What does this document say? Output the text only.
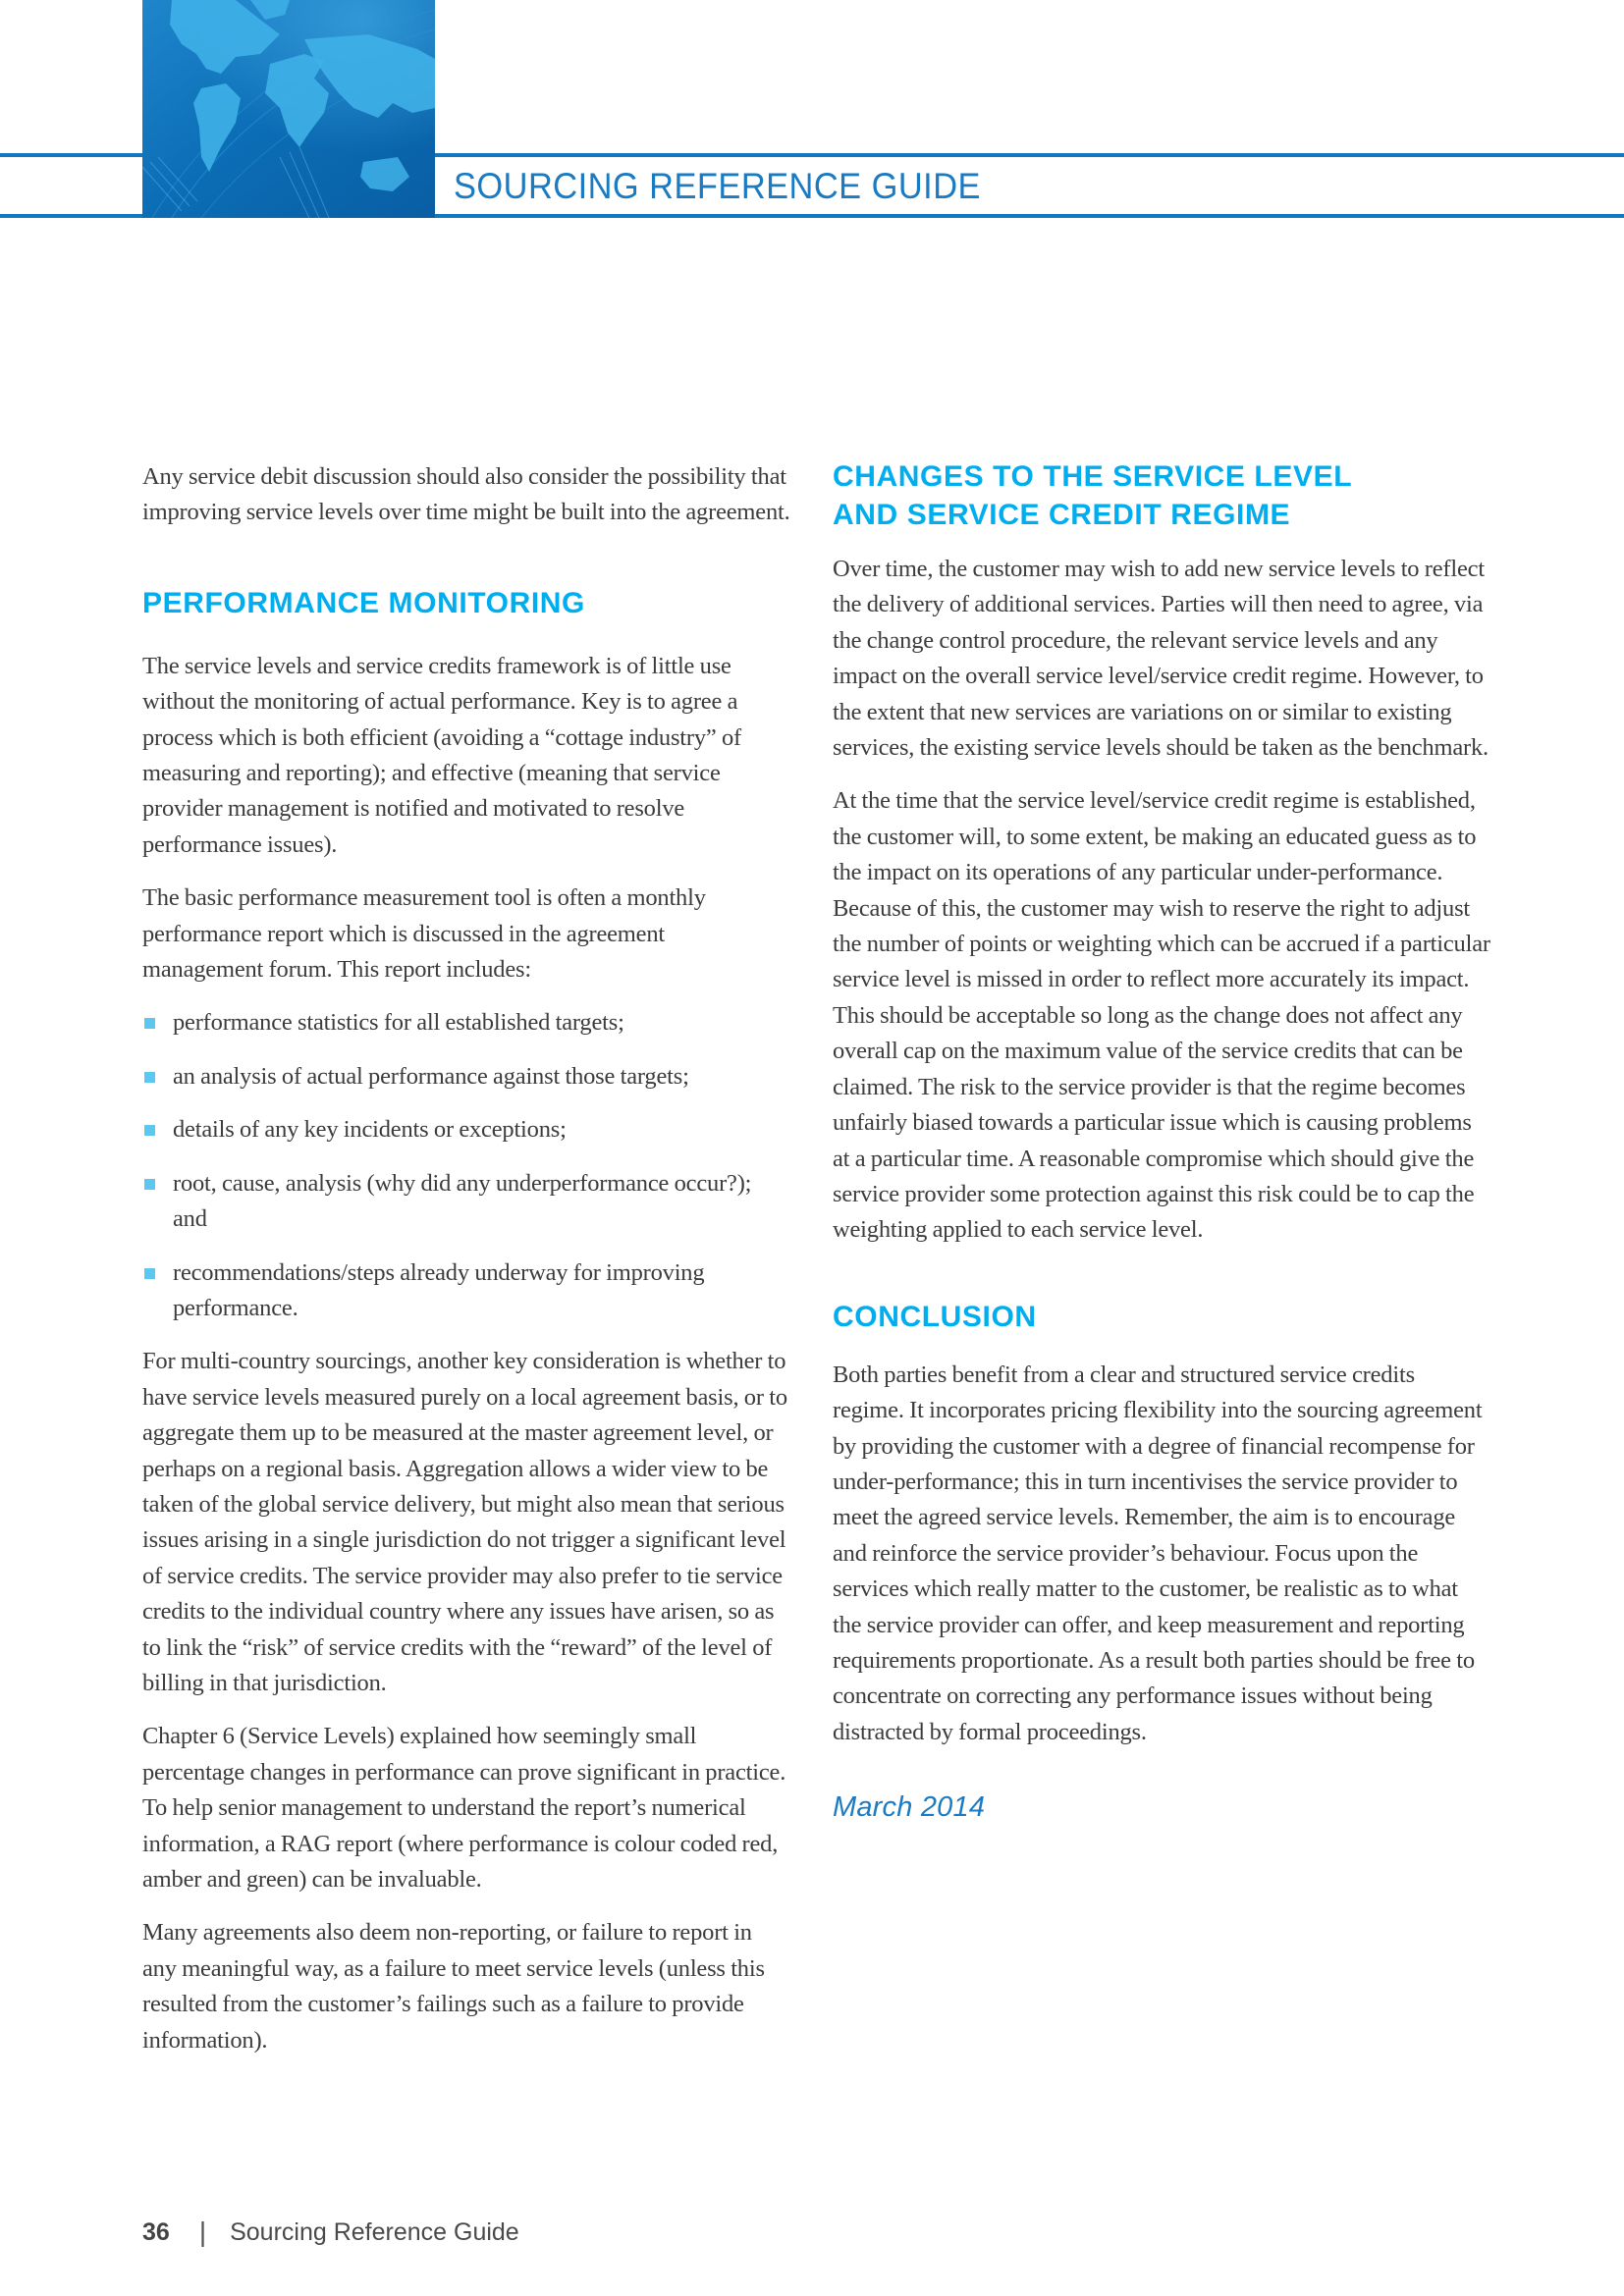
SOURCING REFERENCE GUIDE

Any service debit discussion should also consider the possibility that improving service levels over time might be built into the agreement.

PERFORMANCE MONITORING

The service levels and service credits framework is of little use without the monitoring of actual performance. Key is to agree a process which is both efficient (avoiding a “cottage industry” of measuring and reporting); and effective (meaning that service provider management is notified and motivated to resolve performance issues).

The basic performance measurement tool is often a monthly performance report which is discussed in the agreement management forum. This report includes:

performance statistics for all established targets;
an analysis of actual performance against those targets;
details of any key incidents or exceptions;
root, cause, analysis (why did any underperformance occur?); and
recommendations/steps already underway for improving performance.

For multi-country sourcings, another key consideration is whether to have service levels measured purely on a local agreement basis, or to aggregate them up to be measured at the master agreement level, or perhaps on a regional basis. Aggregation allows a wider view to be taken of the global service delivery, but might also mean that serious issues arising in a single jurisdiction do not trigger a significant level of service credits. The service provider may also prefer to tie service credits to the individual country where any issues have arisen, so as to link the “risk” of service credits with the “reward” of the level of billing in that jurisdiction.

Chapter 6 (Service Levels) explained how seemingly small percentage changes in performance can prove significant in practice. To help senior management to understand the report’s numerical information, a RAG report (where performance is colour coded red, amber and green) can be invaluable.

Many agreements also deem non-reporting, or failure to report in any meaningful way, as a failure to meet service levels (unless this resulted from the customer’s failings such as a failure to provide information).

CHANGES TO THE SERVICE LEVEL
AND SERVICE CREDIT REGIME

Over time, the customer may wish to add new service levels to reflect the delivery of additional services. Parties will then need to agree, via the change control procedure, the relevant service levels and any impact on the overall service level/service credit regime. However, to the extent that new services are variations on or similar to existing services, the existing service levels should be taken as the benchmark.

At the time that the service level/service credit regime is established, the customer will, to some extent, be making an educated guess as to the impact on its operations of any particular under-performance. Because of this, the customer may wish to reserve the right to adjust the number of points or weighting which can be accrued if a particular service level is missed in order to reflect more accurately its impact. This should be acceptable so long as the change does not affect any overall cap on the maximum value of the service credits that can be claimed. The risk to the service provider is that the regime becomes unfairly biased towards a particular issue which is causing problems at a particular time. A reasonable compromise which should give the service provider some protection against this risk could be to cap the weighting applied to each service level.

CONCLUSION

Both parties benefit from a clear and structured service credits regime. It incorporates pricing flexibility into the sourcing agreement by providing the customer with a degree of financial recompense for under-performance; this in turn incentivises the service provider to meet the agreed service levels. Remember, the aim is to encourage and reinforce the service provider’s behaviour. Focus upon the services which really matter to the customer, be realistic as to what the service provider can offer, and keep measurement and reporting requirements proportionate. As a result both parties should be free to concentrate on correcting any performance issues without being distracted by formal proceedings.

March 2014
36 | Sourcing Reference Guide
